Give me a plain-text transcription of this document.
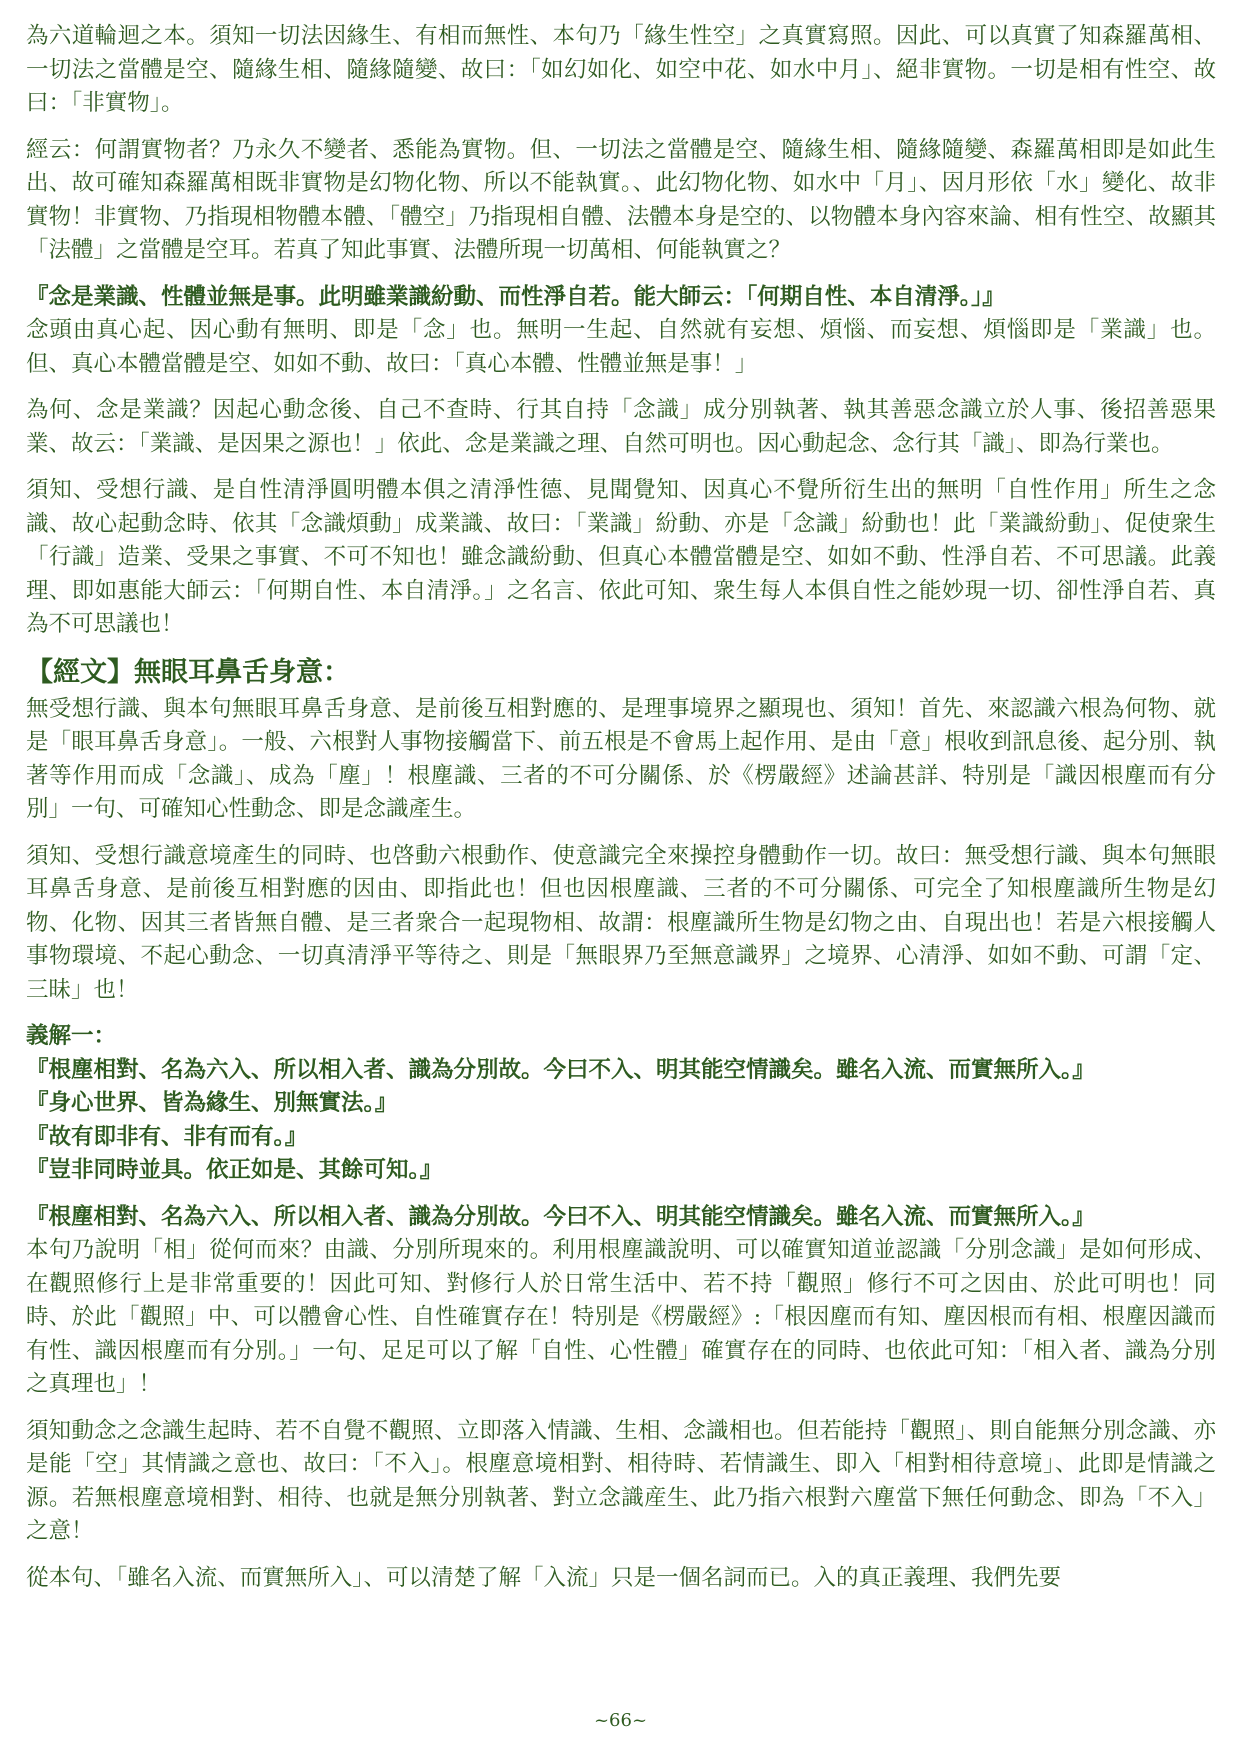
為六道輪迴之本。須知一切法因緣生、有相而無性、本句乃「緣生性空」之真實寫照。因此、可以真實了知森羅萬相、一切法之當體是空、隨緣生相、隨緣隨變、故曰：「如幻如化、如空中花、如水中月」、絕非實物。一切是相有性空、故曰：「非實物」。

經云：何謂實物者？乃永久不變者、悉能為實物。但、一切法之當體是空、隨緣生相、隨緣隨變、森羅萬相即是如此生出、故可確知森羅萬相既非實物是幻物化物、所以不能執實。、此幻物化物、如水中「月」、因月形依「水」變化、故非實物！非實物、乃指現相物體本體、「體空」乃指現相自體、法體本身是空的、以物體本身內容來論、相有性空、故顯其「法體」之當體是空耳。若真了知此事實、法體所現一切萬相、何能執實之？

『念是業識、性體並無是事。此明雖業識紛動、而性淨自若。能大師云：「何期自性、本自清淨。」』

念頭由真心起、因心動有無明、即是「念」也。無明一生起、自然就有妄想、煩惱、而妄想、煩惱即是「業識」也。但、真心本體當體是空、如如不動、故曰：「真心本體、性體並無是事！」

為何、念是業識？因起心動念後、自己不查時、行其自持「念識」成分別執著、執其善惡念識立於人事、後招善惡果業、故云：「業識、是因果之源也！」依此、念是業識之理、自然可明也。因心動起念、念行其「識」、即為行業也。

須知、受想行識、是自性清淨圓明體本俱之清淨性德、見聞覺知、因真心不覺所衍生出的無明「自性作用」所生之念識、故心起動念時、依其「念識煩動」成業識、故曰：「業識」紛動、亦是「念識」紛動也！此「業識紛動」、促使衆生「行識」造業、受果之事實、不可不知也！雖念識紛動、但真心本體當體是空、如如不動、性淨自若、不可思議。此義理、即如惠能大師云：「何期自性、本自清淨。」之名言、依此可知、衆生每人本俱自性之能妙現一切、卻性淨自若、真為不可思議也！

【經文】無眼耳鼻舌身意：

無受想行識、與本句無眼耳鼻舌身意、是前後互相對應的、是理事境界之顯現也、須知！首先、來認識六根為何物、就是「眼耳鼻舌身意」。一般、六根對人事物接觸當下、前五根是不會馬上起作用、是由「意」根收到訊息後、起分別、執著等作用而成「念識」、成為「塵」！根塵識、三者的不可分關係、於《楞嚴經》述論甚詳、特別是「識因根塵而有分別」一句、可確知心性動念、即是念識產生。

須知、受想行識意境產生的同時、也啓動六根動作、使意識完全來操控身體動作一切。故曰：無受想行識、與本句無眼耳鼻舌身意、是前後互相對應的因由、即指此也！但也因根塵識、三者的不可分關係、可完全了知根塵識所生物是幻物、化物、因其三者皆無自體、是三者衆合一起現物相、故謂：根塵識所生物是幻物之由、自現出也！若是六根接觸人事物環境、不起心動念、一切真清淨平等待之、則是「無眼界乃至無意識界」之境界、心清淨、如如不動、可謂「定、三昧」也！

義解一：

『根塵相對、名為六入、所以相入者、識為分別故。今曰不入、明其能空情識矣。雖名入流、而實無所入。』

『身心世界、皆為緣生、別無實法。』

『故有即非有、非有而有。』

『豈非同時並具。依正如是、其餘可知。』

『根塵相對、名為六入、所以相入者、識為分別故。今曰不入、明其能空情識矣。雖名入流、而實無所入。』

本句乃說明「相」從何而來？由識、分別所現來的。利用根塵識說明、可以確實知道並認識「分別念識」是如何形成、在觀照修行上是非常重要的！因此可知、對修行人於日常生活中、若不持「觀照」修行不可之因由、於此可明也！同時、於此「觀照」中、可以體會心性、自性確實存在！特別是《楞嚴經》:「根因塵而有知、塵因根而有相、根塵因識而有性、識因根塵而有分別。」一句、足足可以了解「自性、心性體」確實存在的同時、也依此可知：「相入者、識為分別之真理也」！

須知動念之念識生起時、若不自覺不觀照、立即落入情識、生相、念識相也。但若能持「觀照」、則自能無分別念識、亦是能「空」其情識之意也、故曰：「不入」。根塵意境相對、相待時、若情識生、即入「相對相待意境」、此即是情識之源。若無根塵意境相對、相待、也就是無分別執著、對立念識産生、此乃指六根對六塵當下無任何動念、即為「不入」之意！

從本句、「雖名入流、而實無所入」、可以清楚了解「入流」只是一個名詞而已。入的真正義理、我們先要

~66~
